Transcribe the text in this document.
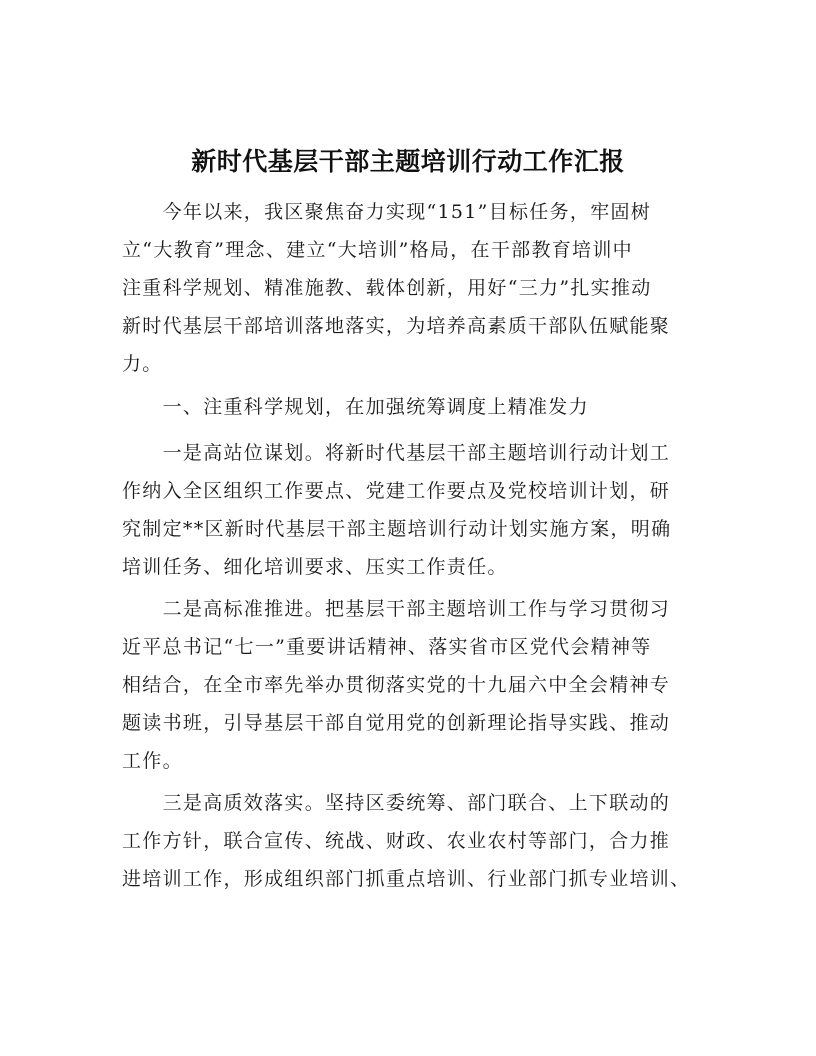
新时代基层干部主题培训行动工作汇报
　　今年以来，我区聚焦奋力实现“151”目标任务，牢固树
立“大教育”理念、建立“大培训”格局，在干部教育培训中
注重科学规划、精准施教、载体创新，用好“三力”扎实推动
新时代基层干部培训落地落实，为培养高素质干部队伍赋能聚
力。
　　一、注重科学规划，在加强统筹调度上精准发力
　　一是高站位谋划。将新时代基层干部主题培训行动计划工
作纳入全区组织工作要点、党建工作要点及党校培训计划，研
究制定**区新时代基层干部主题培训行动计划实施方案，明确
培训任务、细化培训要求、压实工作责任。
　　二是高标准推进。把基层干部主题培训工作与学习贯彻习
近平总书记“七一”重要讲话精神、落实省市区党代会精神等
相结合，在全市率先举办贯彻落实党的十九届六中全会精神专
题读书班，引导基层干部自觉用党的创新理论指导实践、推动
工作。
　　三是高质效落实。坚持区委统筹、部门联合、上下联动的
工作方针，联合宣传、统战、财政、农业农村等部门，合力推
进培训工作，形成组织部门抓重点培训、行业部门抓专业培训、
